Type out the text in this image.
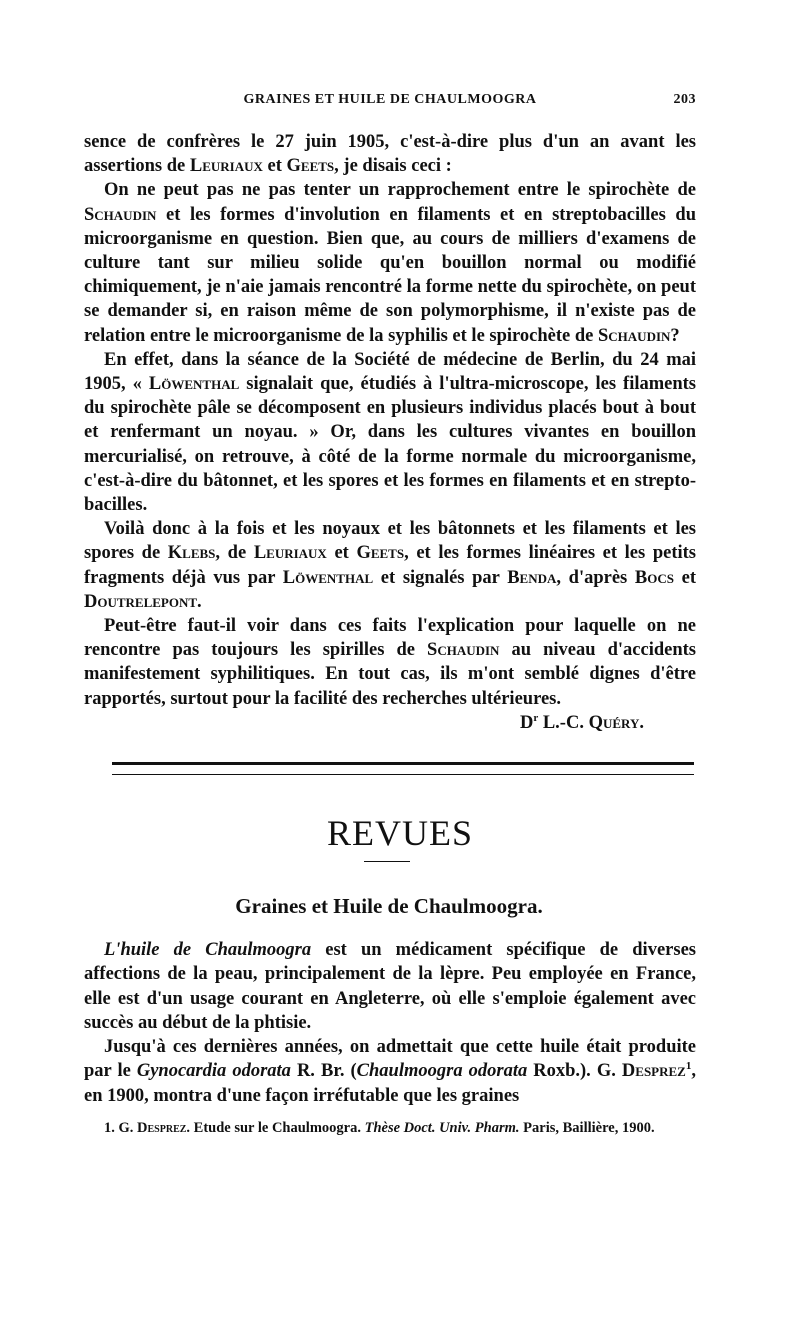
GRAINES ET HUILE DE CHAULMOOGRA	203

sence de confrères le 27 juin 1905, c'est-à-dire plus d'un an avant les assertions de Leuriaux et Geets, je disais ceci :

On ne peut pas ne pas tenter un rapprochement entre le spirochète de Schaudin et les formes d'involution en filaments et en streptobacilles du microorganisme en question. Bien que, au cours de milliers d'examens de culture tant sur milieu solide qu'en bouillon normal ou modifié chimiquement, je n'aie jamais rencontré la forme nette du spirochète, on peut se demander si, en raison même de son polymorphisme, il n'existe pas de relation entre le microorganisme de la syphilis et le spirochète de Schaudin?

En effet, dans la séance de la Société de médecine de Berlin, du 24 mai 1905, « Löwenthal signalait que, étudiés à l'ultra-microscope, les filaments du spirochète pâle se décomposent en plusieurs individus placés bout à bout et renfermant un noyau. » Or, dans les cultures vivantes en bouillon mercurialisé, on retrouve, à côté de la forme normale du microorganisme, c'est-à-dire du bâtonnet, et les spores et les formes en filaments et en strepto-bacilles.

Voilà donc à la fois et les noyaux et les bâtonnets et les filaments et les spores de Klebs, de Leuriaux et Geets, et les formes linéaires et les petits fragments déjà vus par Löwenthal et signalés par Benda, d'après Bocs et Doutrelepont.

Peut-être faut-il voir dans ces faits l'explication pour laquelle on ne rencontre pas toujours les spirilles de Schaudin au niveau d'accidents manifestement syphilitiques. En tout cas, ils m'ont semblé dignes d'être rapportés, surtout pour la facilité des recherches ultérieures.

$D^r$ L.-C. Quéry.
REVUES
Graines et Huile de Chaulmoogra.

L'huile de Chaulmoogra est un médicament spécifique de diverses affections de la peau, principalement de la lèpre. Peu employée en France, elle est d'un usage courant en Angleterre, où elle s'emploie également avec succès au début de la phtisie.

Jusqu'à ces dernières années, on admettait que cette huile était produite par le Gynocardia odorata R. Br. (Chaulmoogra odorata Roxb.). G. Desprez$^1$, en 1900, montra d'une façon irréfutable que les graines

1. G. Desprez. Etude sur le Chaulmoogra. Thèse Doct. Univ. Pharm. Paris, Baillière, 1900.
